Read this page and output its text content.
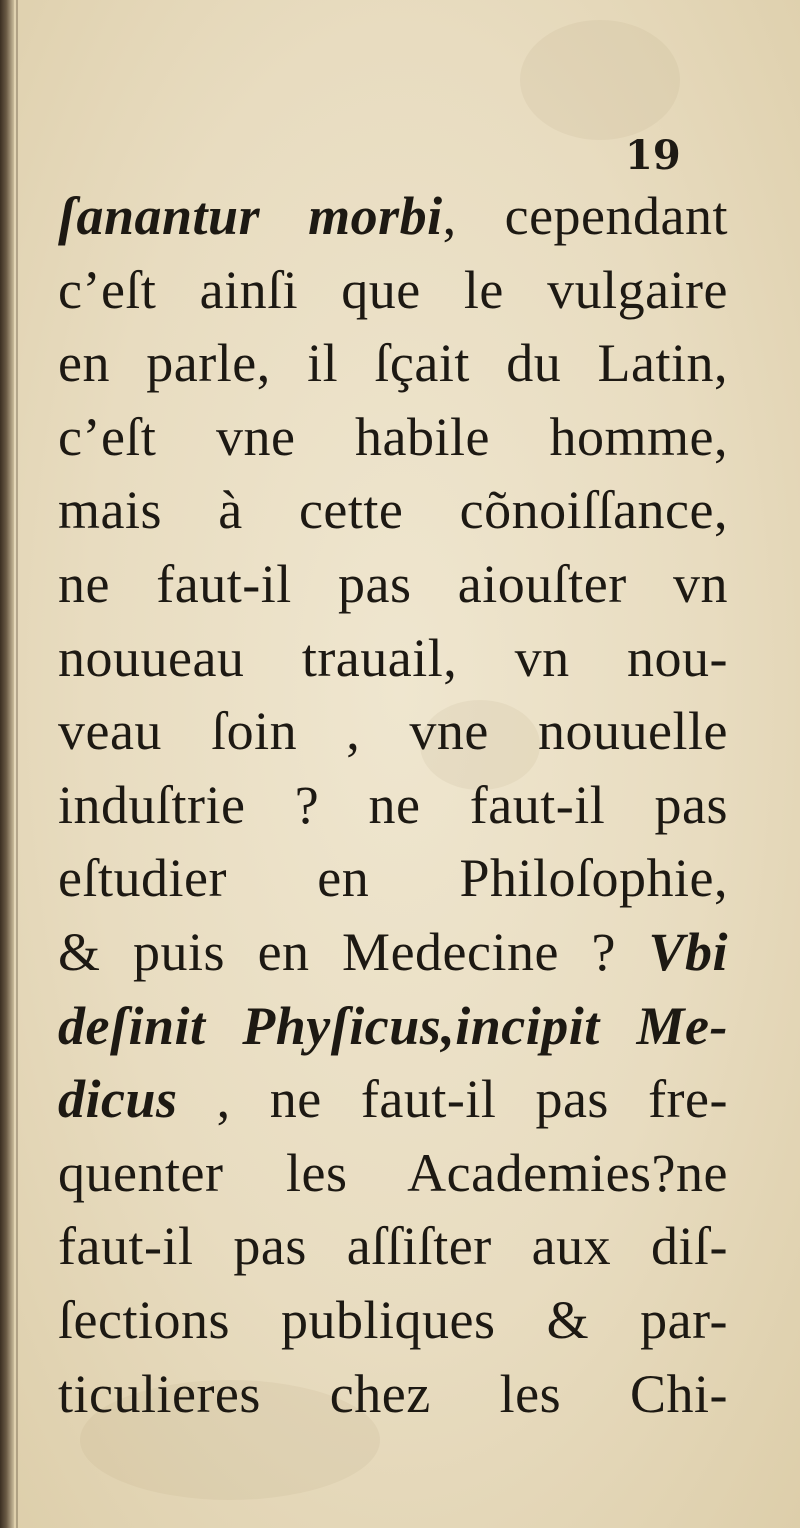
19
ſanantur morbi, cependant
c’eſt ainſi que le vulgaire
en parle, il ſçait du Latin,
c’eſt vne habile homme,
mais à cette cõnoiſſance,
ne faut-il pas aiouſter vn
nouueau trauail, vn nou-
veau ſoin , vne nouuelle
induſtrie ? ne faut-il pas
eſtudier en Philoſophie,
& puis en Medecine ? Vbi
deſinit Phyſicus,incipit Me-
dicus , ne faut-il pas fre-
quenter les Academies?ne
faut-il pas aſſiſter aux diſ-
ſections publiques & par-
ticulieres chez les Chi-
